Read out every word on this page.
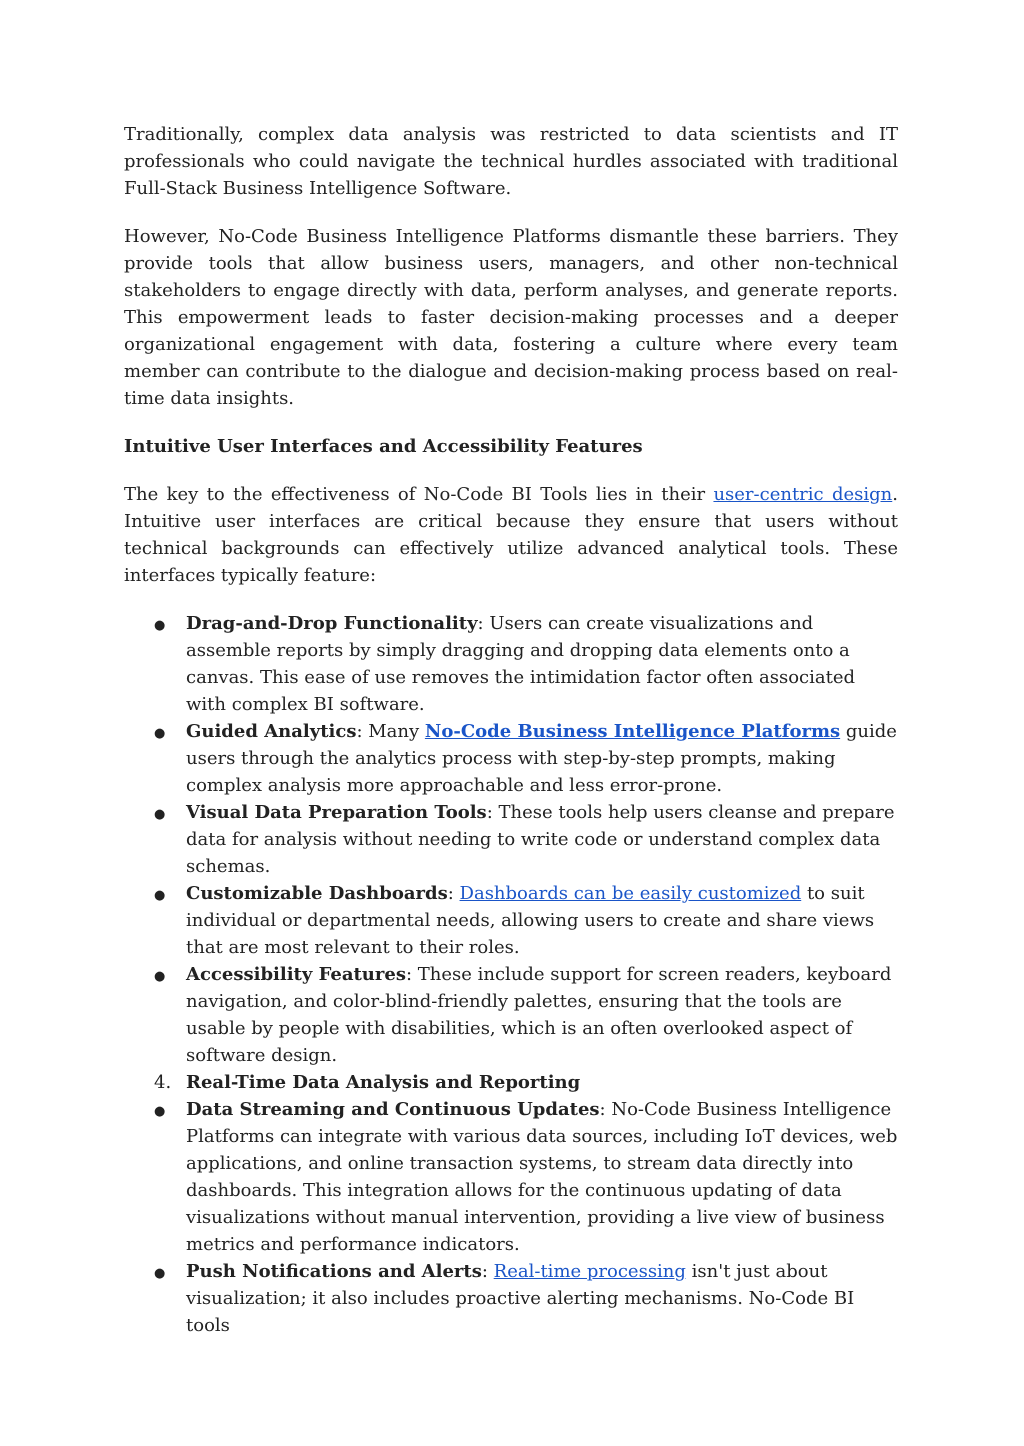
Traditionally, complex data analysis was restricted to data scientists and IT professionals who could navigate the technical hurdles associated with traditional Full-Stack Business Intelligence Software.

However, No-Code Business Intelligence Platforms dismantle these barriers. They provide tools that allow business users, managers, and other non-technical stakeholders to engage directly with data, perform analyses, and generate reports. This empowerment leads to faster decision-making processes and a deeper organizational engagement with data, fostering a culture where every team member can contribute to the dialogue and decision-making process based on real-time data insights.

Intuitive User Interfaces and Accessibility Features

The key to the effectiveness of No-Code BI Tools lies in their user-centric design. Intuitive user interfaces are critical because they ensure that users without technical backgrounds can effectively utilize advanced analytical tools. These interfaces typically feature:

●	Drag-and-Drop Functionality: Users can create visualizations and assemble reports by simply dragging and dropping data elements onto a canvas. This ease of use removes the intimidation factor often associated with complex BI software.
●	Guided Analytics: Many No-Code Business Intelligence Platforms guide users through the analytics process with step-by-step prompts, making complex analysis more approachable and less error-prone.
●	Visual Data Preparation Tools: These tools help users cleanse and prepare data for analysis without needing to write code or understand complex data schemas.
●	Customizable Dashboards: Dashboards can be easily customized to suit individual or departmental needs, allowing users to create and share views that are most relevant to their roles.
●	Accessibility Features: These include support for screen readers, keyboard navigation, and color-blind-friendly palettes, ensuring that the tools are usable by people with disabilities, which is an often overlooked aspect of software design.
4. Real-Time Data Analysis and Reporting
●	Data Streaming and Continuous Updates: No-Code Business Intelligence Platforms can integrate with various data sources, including IoT devices, web applications, and online transaction systems, to stream data directly into dashboards. This integration allows for the continuous updating of data visualizations without manual intervention, providing a live view of business metrics and performance indicators.
●	Push Notifications and Alerts: Real-time processing isn't just about visualization; it also includes proactive alerting mechanisms. No-Code BI tools
